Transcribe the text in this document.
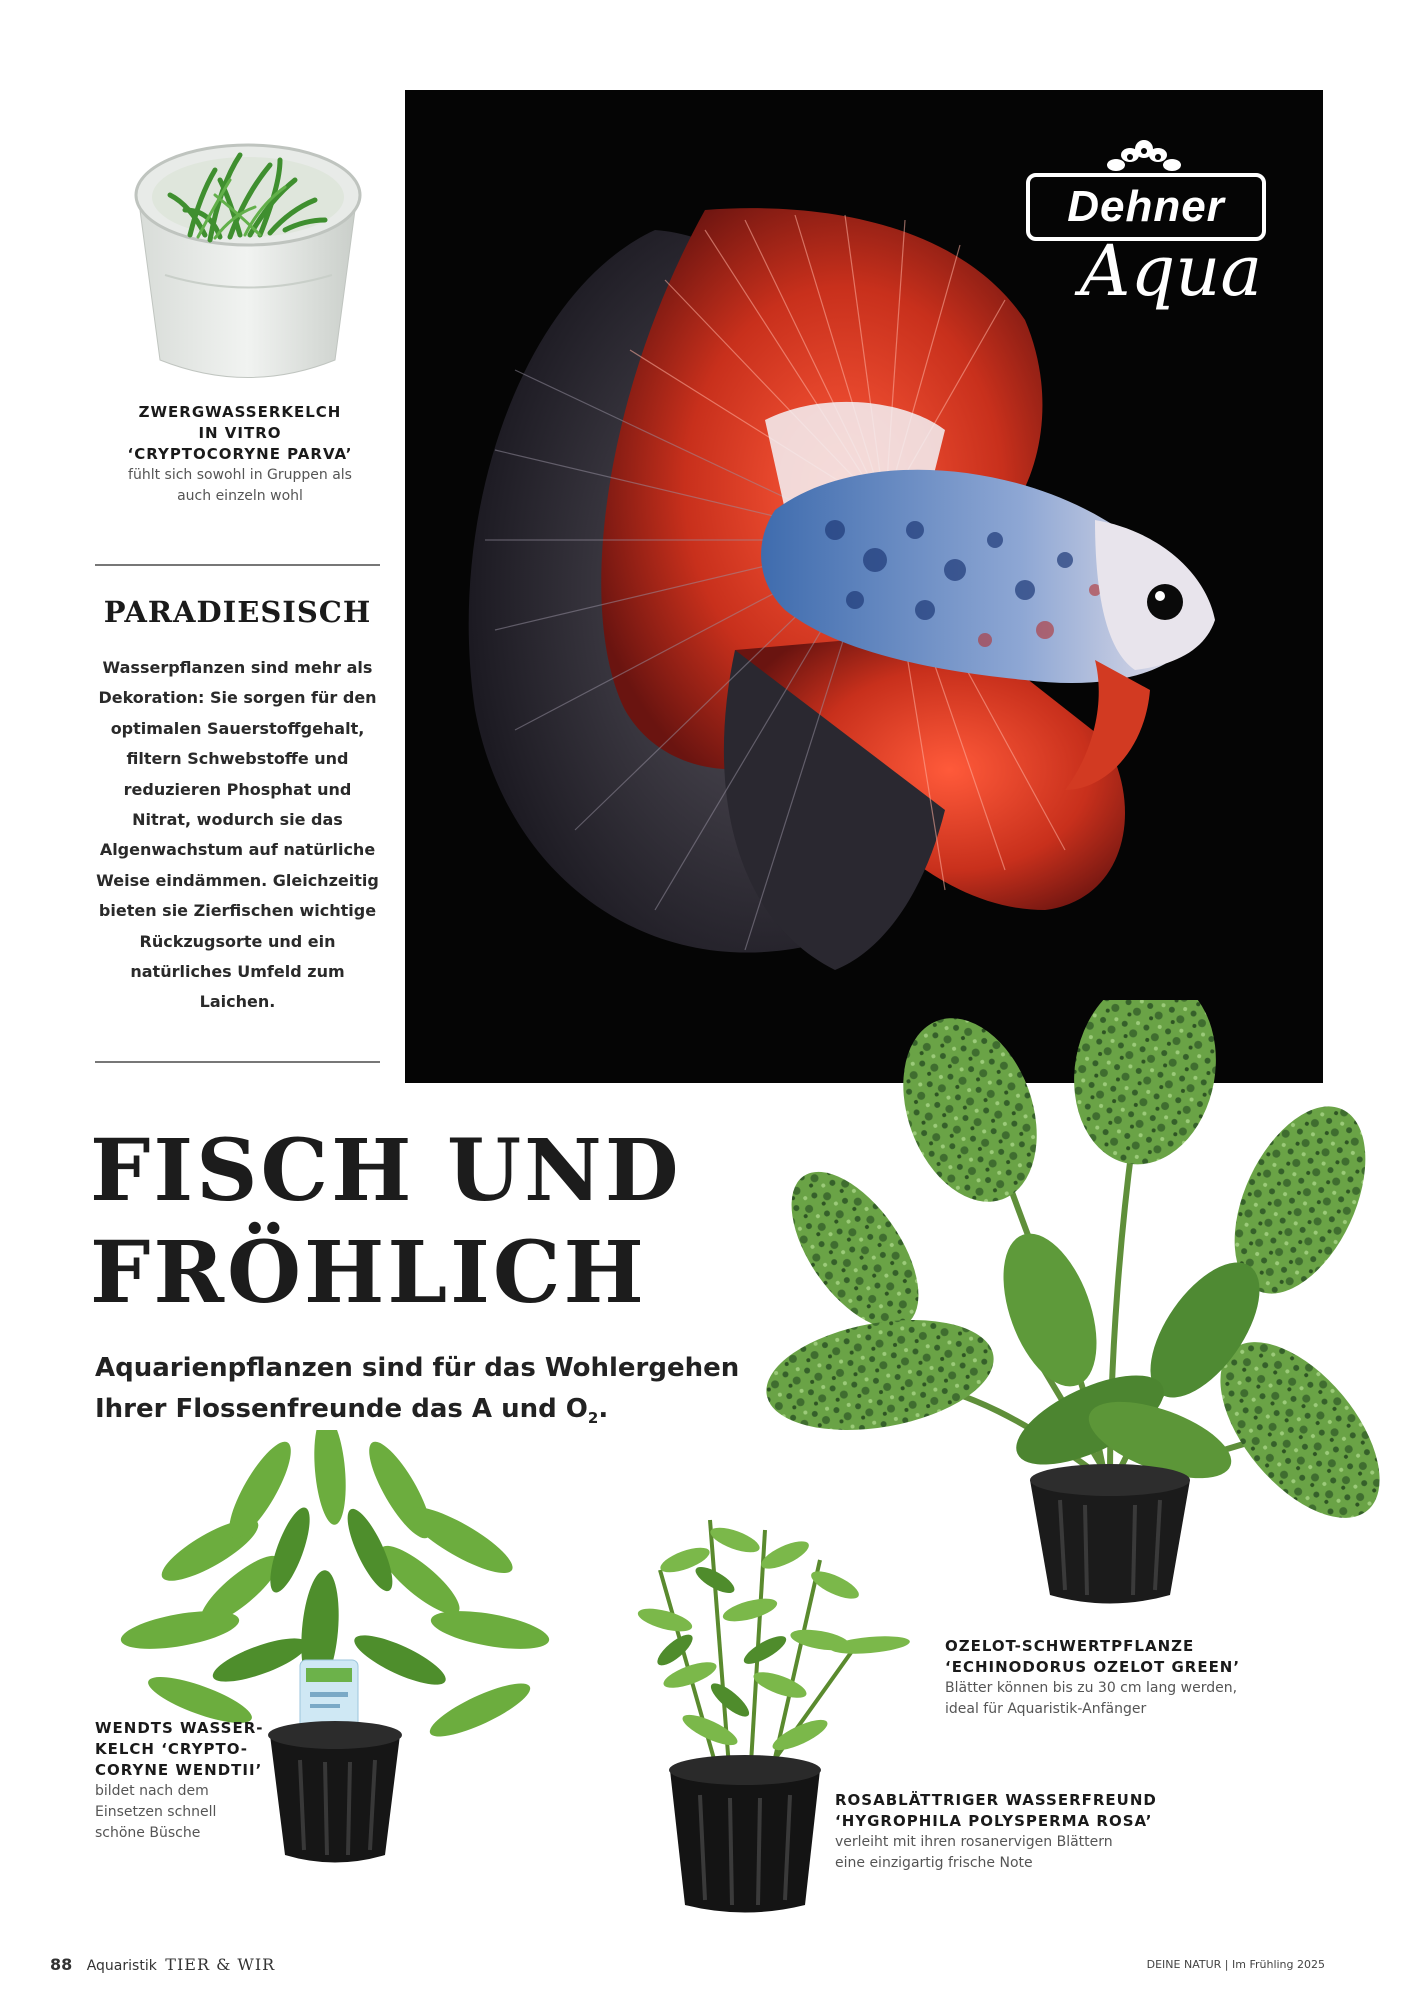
ZWERGWASSERKELCH

IN VITRO

‘CRYPTOCORYNE PARVA’

fühlt sich sowohl in Gruppen als

auch einzeln wohl

PARADIESISCH

Wasserpflanzen sind mehr als Dekoration: Sie sorgen für den optimalen Sauerstoffgehalt, filtern Schwebstoffe und reduzieren Phosphat und Nitrat, wodurch sie das Algenwachstum auf natürliche Weise eindämmen. Gleichzeitig bieten sie Zierfischen wichtige Rückzugsorte und ein natürliches Umfeld zum Laichen.

Dehner
Aqua
FISCH UND
FRÖHLICH

Aquarienpflanzen sind für das Wohlergehen
Ihrer Flossenfreunde das A und $O_2$.

OZELOT-SCHWERTPFLANZE

‘ECHINODORUS OZELOT GREEN’

Blätter können bis zu 30 cm lang werden,

ideal für Aquaristik-Anfänger

WENDTS WASSER-

KELCH ‘CRYPTO-

CORYNE WENDTII’

bildet nach dem

Einsetzen schnell

schöne Büsche

ROSABLÄTTRIGER WASSERFREUND

‘HYGROPHILA POLYSPERMA ROSA’

verleiht mit ihren rosanervigen Blättern

eine einzigartig frische Note

88 Aquaristik TIER & WIR	DEINE NATUR | Im Frühling 2025
